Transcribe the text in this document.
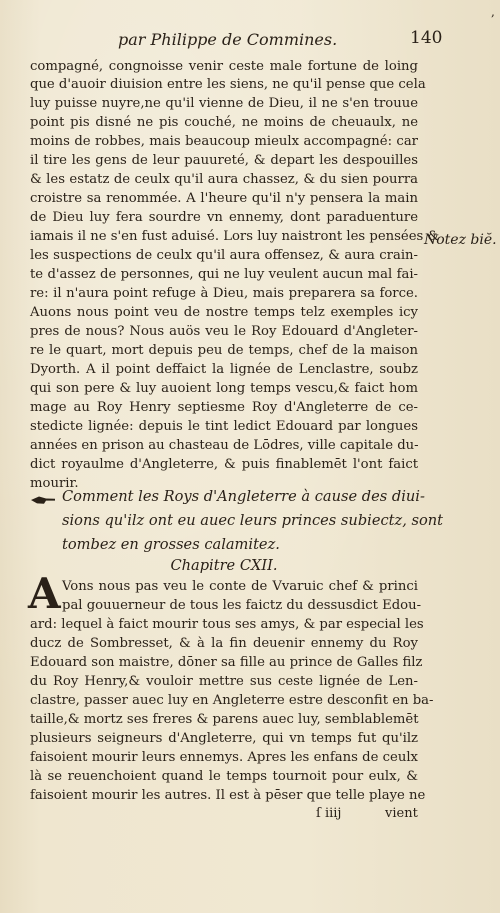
,
par Philippe de Commines.	140
compagné, congnoisse venir ceste male fortune de loing
que d'auoir diuision entre les siens, ne qu'il pense que cela
luy puisse nuyre,ne qu'il vienne de Dieu, il ne s'en trouue
point pis disné ne pis couché, ne moins de cheuaulx, ne
moins de robbes, mais beaucoup mieulx accompagné: car
il tire les gens de leur pauureté, & depart les despouilles
& les estatz de ceulx qu'il aura chassez, & du sien pourra
croistre sa renommée. A l'heure qu'il n'y pensera la main
de Dieu luy fera sourdre vn ennemy, dont paraduenture
iamais il ne s'en fust aduisé. Lors luy naistront les pensées &
les suspections de ceulx qu'il aura offensez, & aura crain-
te d'assez de personnes, qui ne luy veulent aucun mal fai-
re: il n'aura point refuge à Dieu, mais preparera sa force.
Auons nous point veu de nostre temps telz exemples icy
pres de nous? Nous auös veu le Roy Edouard d'Angleter-
re le quart, mort depuis peu de temps, chef de la maison
Dyorth. A il point deffaict la lignée de Lenclastre, soubz
qui son pere & luy auoient long temps vescu,& faict hom
mage au Roy Henry septiesme Roy d'Angleterre de ce-
stedicte lignée: depuis le tint ledict Edouard par longues
années en prison au chasteau de Lōdres, ville capitale du-
dict royaulme d'Angleterre, & puis finablemēt l'ont faict
mourir.
Notez biĕ.
Comment les Roys d'Angleterre à cause des diui-
sions qu'ilz ont eu auec leurs princes subiectz, sont
tombez en grosses calamitez.
Chapitre CXII.
A Vons nous pas veu le conte de Vvaruic chef & princi
pal gouuerneur de tous les faictz du dessusdict Edou-
ard: lequel à faict mourir tous ses amys, & par especial les
ducz de Sombresset, & à la fin deuenir ennemy du Roy
Edouard son maistre, dōner sa fille au prince de Galles filz
du Roy Henry,& vouloir mettre sus ceste lignée de Len-
clastre, passer auec luy en Angleterre estre desconfit en ba-
taille,& mortz ses freres & parens auec luy, semblablemēt
plusieurs seigneurs d'Angleterre, qui vn temps fut qu'ilz
faisoient mourir leurs ennemys. Apres les enfans de ceulx
là se reuenchoient quand le temps tournoit pour eulx, &
faisoient mourir les autres. Il est à pēser que telle playe ne
ſ iiij	vient
